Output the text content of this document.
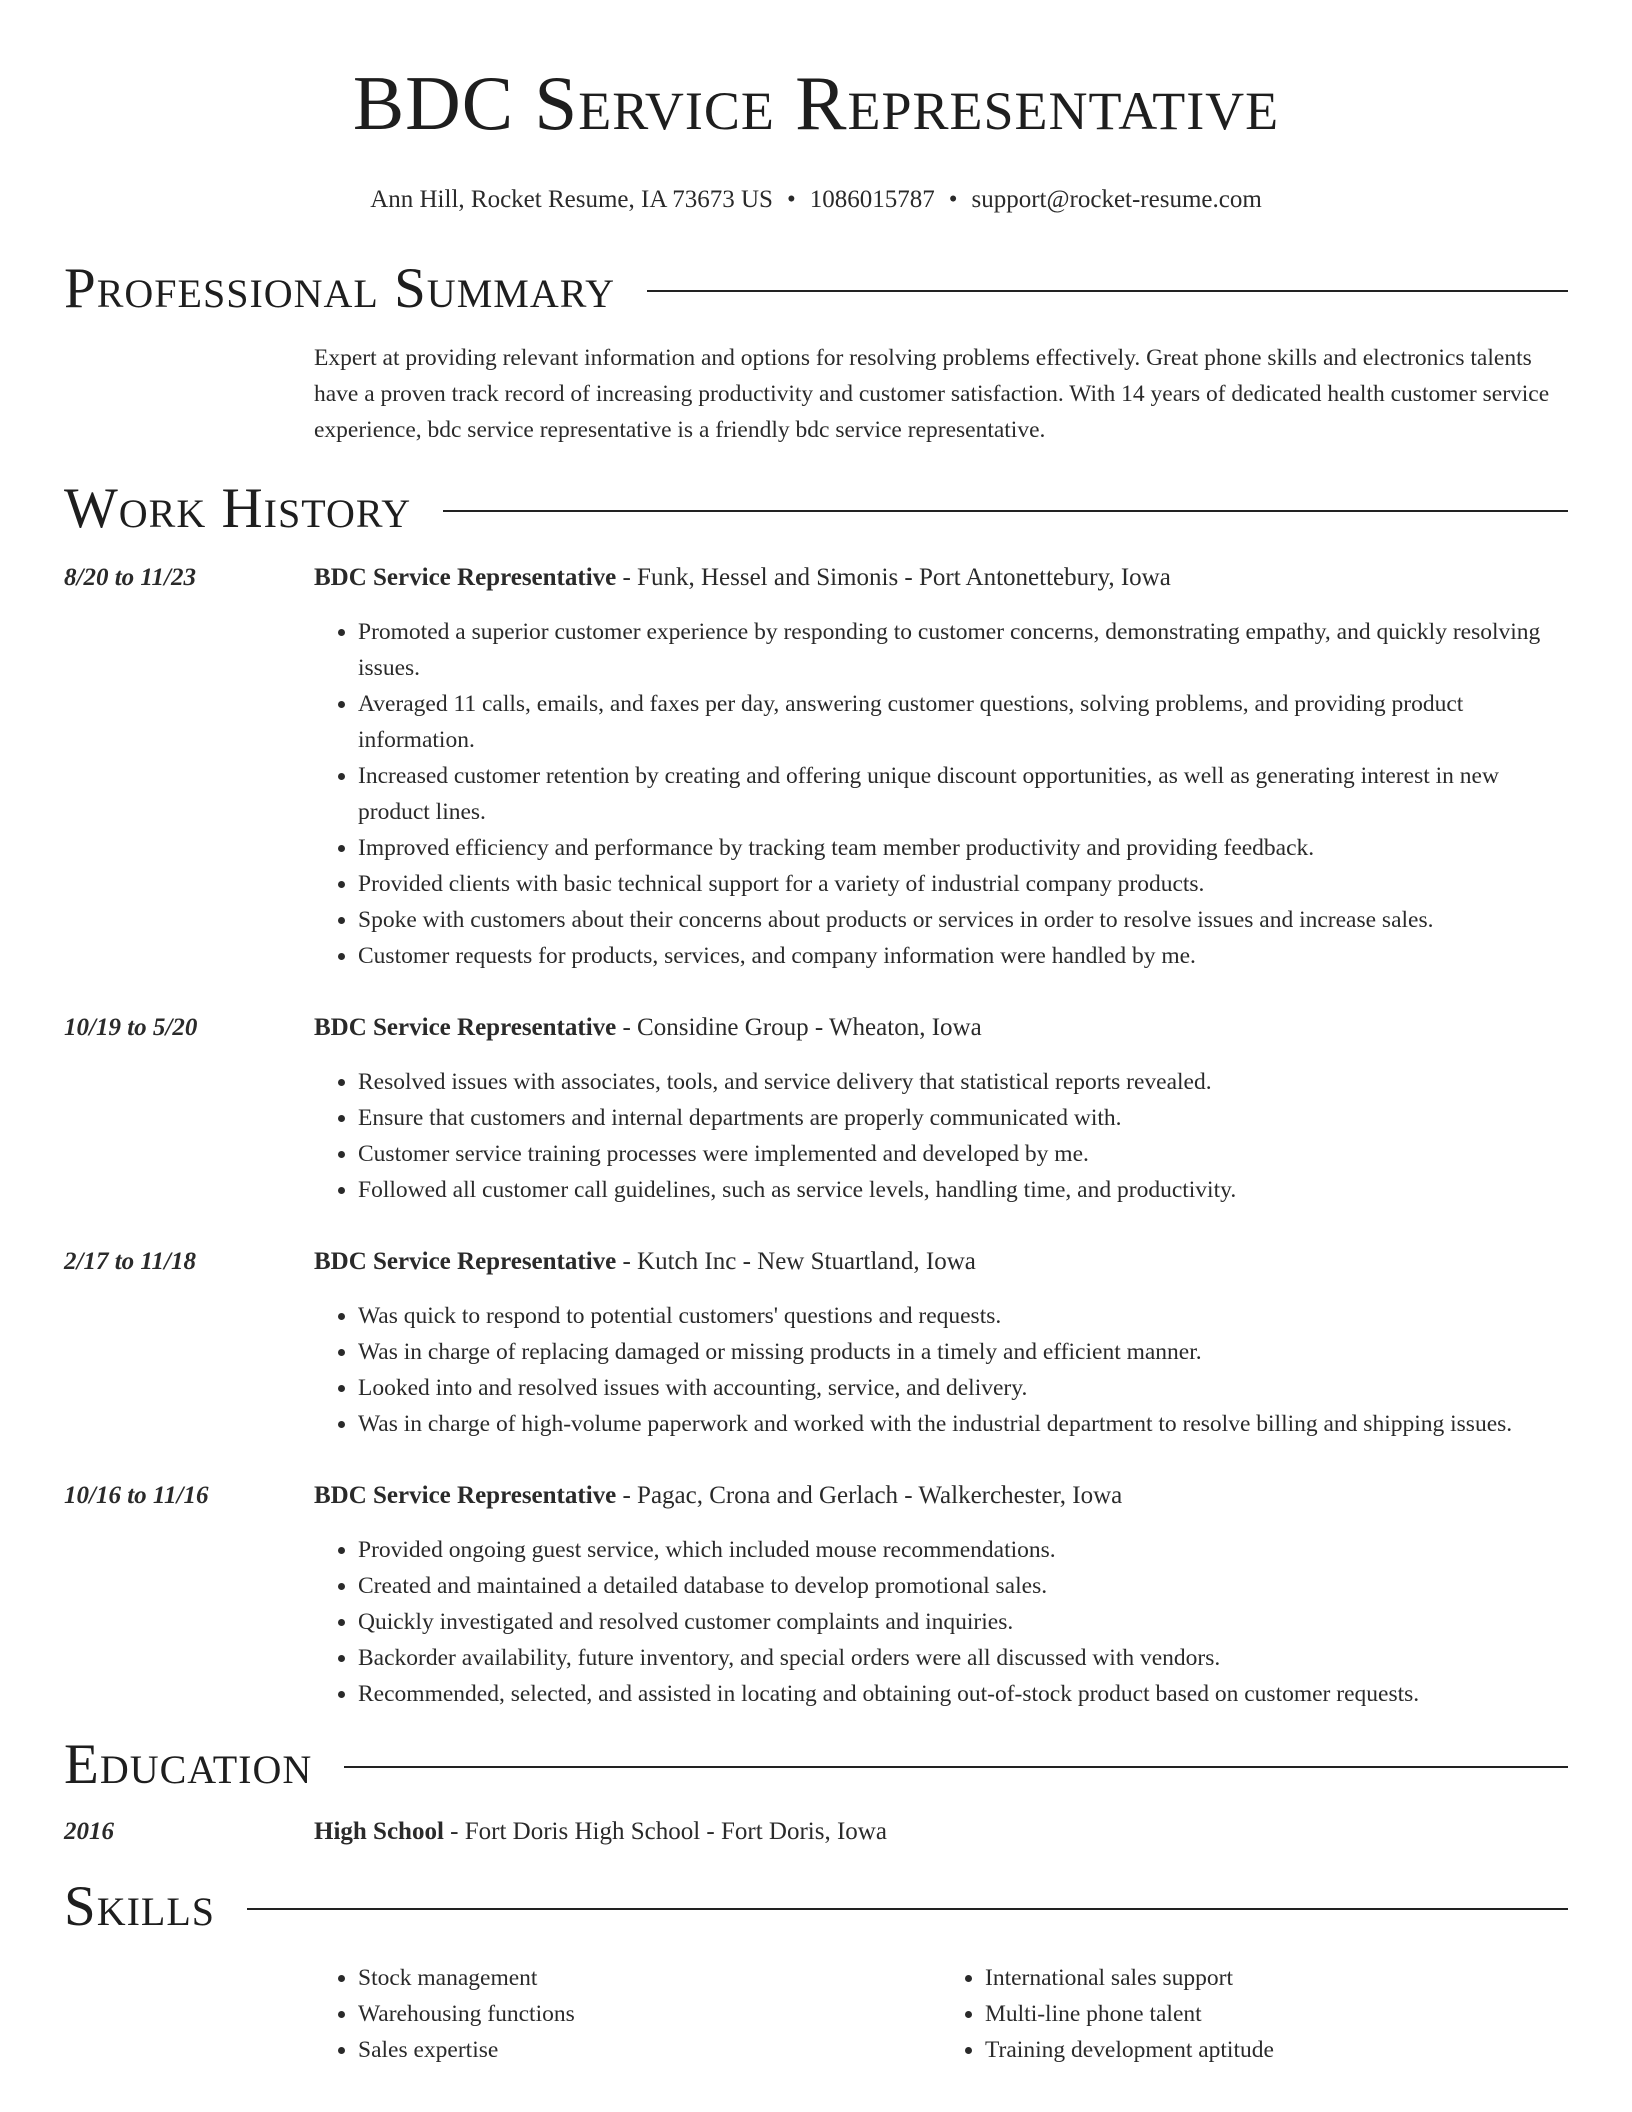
BDC Service Representative
Ann Hill, Rocket Resume, IA 73673 US • 1086015787 • support@rocket-resume.com
Professional Summary
Expert at providing relevant information and options for resolving problems effectively. Great phone skills and electronics talents have a proven track record of increasing productivity and customer satisfaction. With 14 years of dedicated health customer service experience, bdc service representative is a friendly bdc service representative.
Work History
8/20 to 11/23	BDC Service Representative - Funk, Hessel and Simonis - Port Antonettebury, Iowa
• Promoted a superior customer experience by responding to customer concerns, demonstrating empathy, and quickly resolving issues.
• Averaged 11 calls, emails, and faxes per day, answering customer questions, solving problems, and providing product information.
• Increased customer retention by creating and offering unique discount opportunities, as well as generating interest in new product lines.
• Improved efficiency and performance by tracking team member productivity and providing feedback.
• Provided clients with basic technical support for a variety of industrial company products.
• Spoke with customers about their concerns about products or services in order to resolve issues and increase sales.
• Customer requests for products, services, and company information were handled by me.
10/19 to 5/20	BDC Service Representative - Considine Group - Wheaton, Iowa
• Resolved issues with associates, tools, and service delivery that statistical reports revealed.
• Ensure that customers and internal departments are properly communicated with.
• Customer service training processes were implemented and developed by me.
• Followed all customer call guidelines, such as service levels, handling time, and productivity.
2/17 to 11/18	BDC Service Representative - Kutch Inc - New Stuartland, Iowa
• Was quick to respond to potential customers' questions and requests.
• Was in charge of replacing damaged or missing products in a timely and efficient manner.
• Looked into and resolved issues with accounting, service, and delivery.
• Was in charge of high-volume paperwork and worked with the industrial department to resolve billing and shipping issues.
10/16 to 11/16	BDC Service Representative - Pagac, Crona and Gerlach - Walkerchester, Iowa
• Provided ongoing guest service, which included mouse recommendations.
• Created and maintained a detailed database to develop promotional sales.
• Quickly investigated and resolved customer complaints and inquiries.
• Backorder availability, future inventory, and special orders were all discussed with vendors.
• Recommended, selected, and assisted in locating and obtaining out-of-stock product based on customer requests.
Education
2016	High School - Fort Doris High School - Fort Doris, Iowa
Skills
• Stock management
• Warehousing functions
• Sales expertise
• International sales support
• Multi-line phone talent
• Training development aptitude
